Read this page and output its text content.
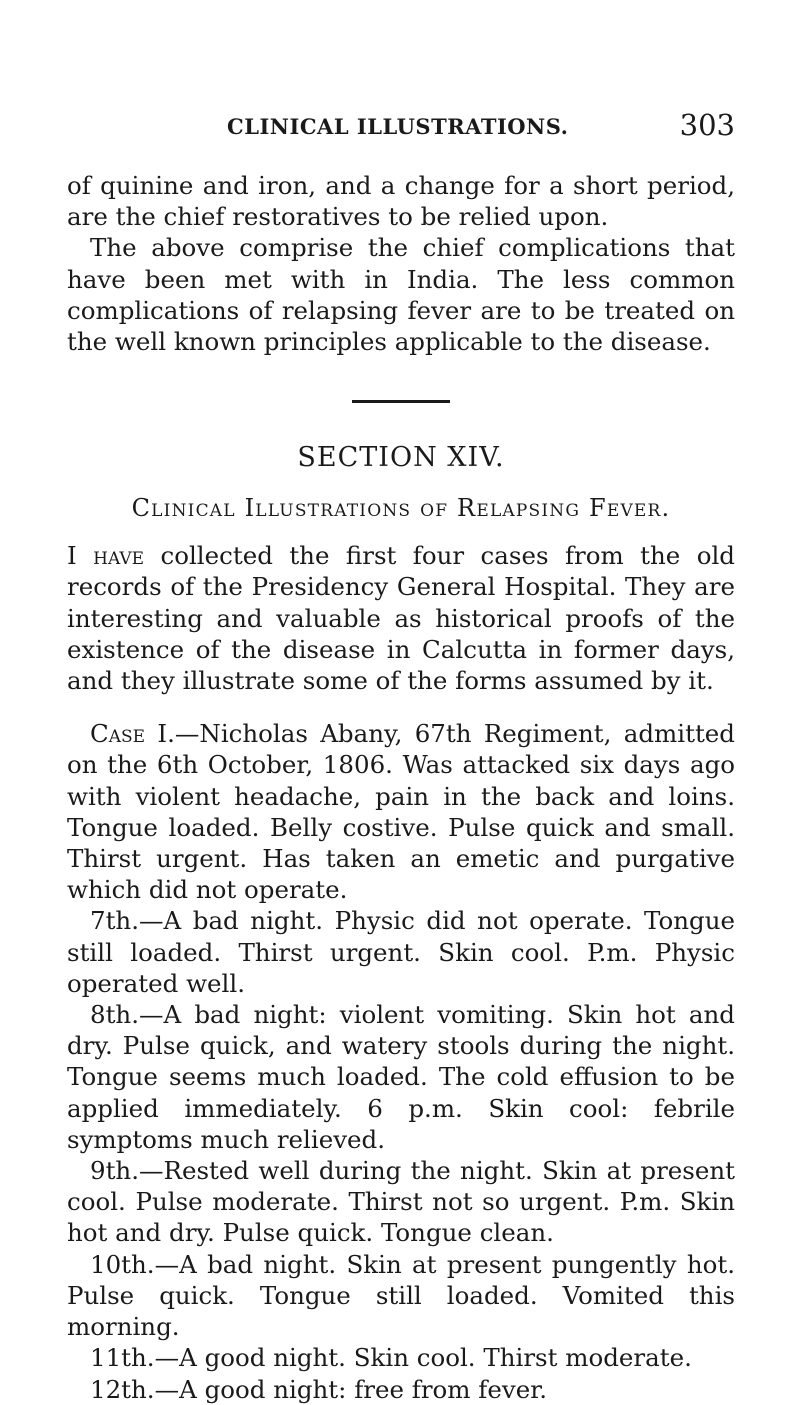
CLINICAL ILLUSTRATIONS.	303

of quinine and iron, and a change for a short period, are the chief restoratives to be relied upon.

The above comprise the chief complications that have been met with in India. The less common complications of relapsing fever are to be treated on the well known principles applicable to the disease.

SECTION XIV.
Clinical Illustrations of Relapsing Fever.

I have collected the first four cases from the old records of the Presidency General Hospital. They are interesting and valuable as historical proofs of the existence of the disease in Calcutta in former days, and they illustrate some of the forms assumed by it.

Case I.—Nicholas Abany, 67th Regiment, admitted on the 6th October, 1806. Was attacked six days ago with violent headache, pain in the back and loins. Tongue loaded. Belly costive. Pulse quick and small. Thirst urgent. Has taken an emetic and purgative which did not operate.

7th.—A bad night. Physic did not operate. Tongue still loaded. Thirst urgent. Skin cool. P.m. Physic operated well.

8th.—A bad night: violent vomiting. Skin hot and dry. Pulse quick, and watery stools during the night. Tongue seems much loaded. The cold effusion to be applied immediately. 6 p.m. Skin cool: febrile symptoms much relieved.

9th.—Rested well during the night. Skin at present cool. Pulse moderate. Thirst not so urgent. P.m. Skin hot and dry. Pulse quick. Tongue clean.

10th.—A bad night. Skin at present pungently hot. Pulse quick. Tongue still loaded. Vomited this morning.

11th.—A good night. Skin cool. Thirst moderate.

12th.—A good night: free from fever.
